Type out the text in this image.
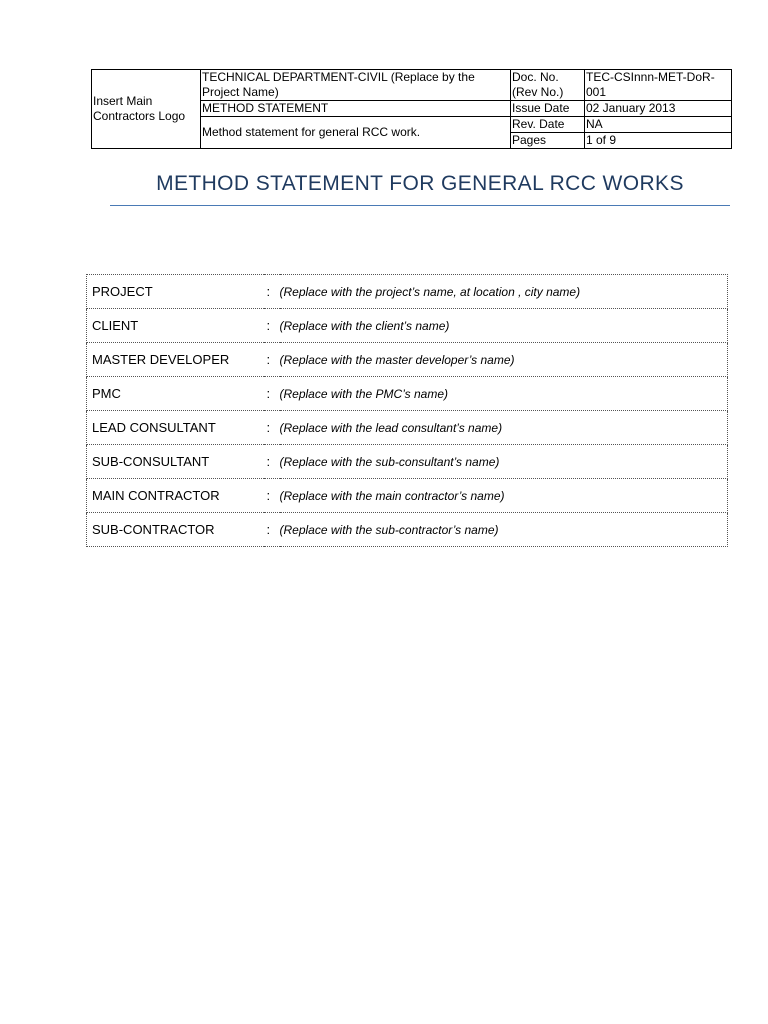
Insert Main Contractors Logo	TECHNICAL DEPARTMENT-CIVIL (Replace by the Project Name)	Doc. No. (Rev No.)	TEC-CSInnn-MET-DoR-001

	METHOD STATEMENT	Issue Date	02 January 2013
	Method statement for general RCC work.	Rev. Date	NA
		Pages	1 of 9
METHOD STATEMENT FOR GENERAL RCC WORKS
PROJECT	:	(Replace with the project’s name, at location , city name)
CLIENT	:	(Replace with the client’s name)
MASTER DEVELOPER	:	(Replace with the master developer’s name)
PMC	:	(Replace with the PMC’s name)
LEAD CONSULTANT	:	(Replace with the lead consultant’s name)
SUB-CONSULTANT	:	(Replace with the sub-consultant’s name)
MAIN CONTRACTOR	:	(Replace with the main contractor’s name)
SUB-CONTRACTOR	:	(Replace with the sub-contractor’s name)
